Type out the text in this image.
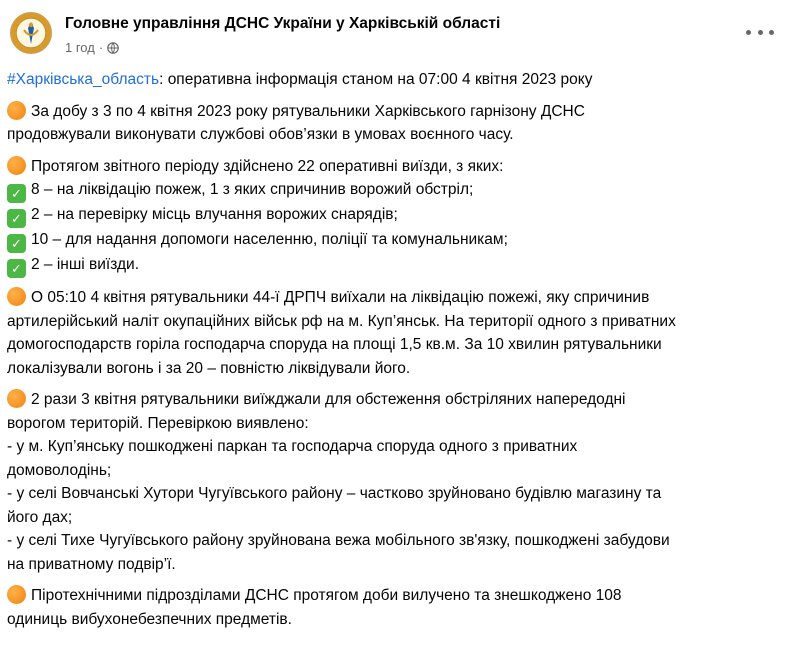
Головне управління ДСНС України у Харківській області
1 год ·

#Харківська_область: оперативна інформація станом на 07:00 4 квітня 2023 року

За добу з 3 по 4 квітня 2023 року рятувальники Харківського гарнізону ДСНС
продовжували виконувати службові обов’язки в умовах воєнного часу.

Протягом звітного періоду здійснено 22 оперативні виїзди, з яких:
✓ 8 – на ліквідацію пожеж, 1 з яких спричинив ворожий обстріл;
✓ 2 – на перевірку місць влучання ворожих снарядів;
✓ 10 – для надання допомоги населенню, поліції та комунальникам;
✓ 2 – інші виїзди.

О 05:10 4 квітня рятувальники 44-ї ДРПЧ виїхали на ліквідацію пожежі, яку спричинив
артилерійський наліт окупаційних військ рф на м. Куп’янськ. На території одного з приватних
домогосподарств горіла господарча споруда на площі 1,5 кв.м. За 10 хвилин рятувальники
локалізували вогонь і за 20 – повністю ліквідували його.

2 рази 3 квітня рятувальники виїжджали для обстеження обстріляних напередодні
ворогом територій. Перевіркою виявлено:
- у м. Куп’янську пошкоджені паркан та господарча споруда одного з приватних
домоволодінь;
- у селі Вовчанські Хутори Чугуївського району – частково зруйновано будівлю магазину та
його дах;
- у селі Тихе Чугуївського району зруйнована вежа мобільного зв'язку, пошкоджені забудови
на приватному подвір’ї.

Піротехнічними підрозділами ДСНС протягом доби вилучено та знешкоджено 108
одиниць вибухонебезпечних предметів.
